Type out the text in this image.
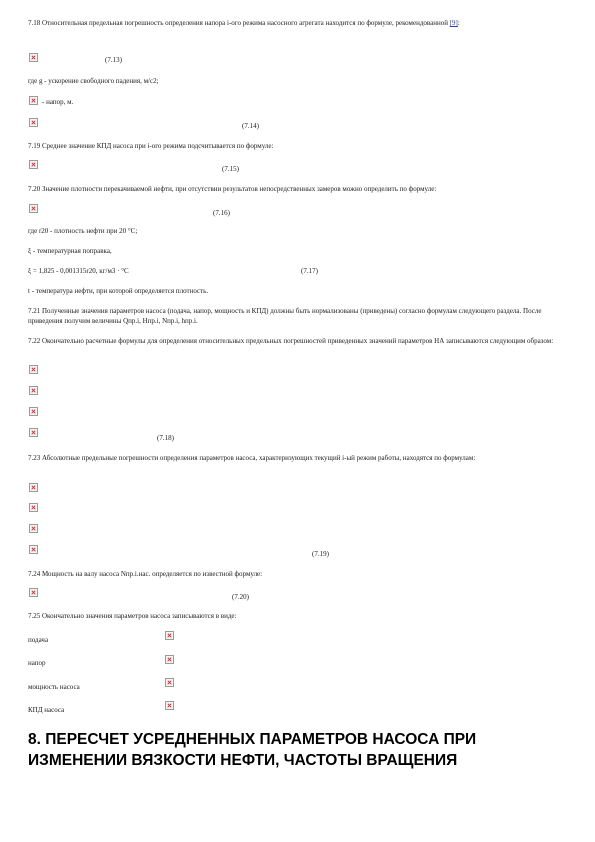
7.18 Относительная предельная погрешность определения напора i-ого режима насосного агрегата находится по формуле, рекомендованной [9]:
(7.13)
где g - ускорение свободного падения, м/с2;
- напор, м.
(7.14)
7.19 Среднее значение КПД насоса при i-ого режима подсчитывается по формуле:
(7.15)
7.20 Значение плотности перекачиваемой нефти, при отсутствии результатов непосредственных замеров можно определить по формуле:
(7.16)
где r20 - плотность нефти при 20 °С;
ξ - температурная поправка,
ξ = 1,825 - 0,001315r20, кг/м3 · °С	(7.17)
t - температура нефти, при которой определяется плотность.
7.21 Полученные значения параметров насоса (подача, напор, мощность и КПД) должны быть нормализованы (приведены) согласно формулам следующего раздела. После приведения получим величины Qпр.i, Hпр.i, Nпр.i, hпр.i.
7.22 Окончательно расчетные формулы для определения относительных предельных погрешностей приведенных значений параметров НА записываются следующим образом:
(7.18)
7.23 Абсолютные предельные погрешности определения параметров насоса, характеризующих текущий i-ый режим работы, находятся по формулам:
(7.19)
7.24 Мощность на валу насоса Nпр.i.нас. определяется по известной формуле:
(7.20)
7.25 Окончательно значения параметров насоса записываются в виде:
подача
напор
мощность насоса
КПД насоса
8. ПЕРЕСЧЕТ УСРЕДНЕННЫХ ПАРАМЕТРОВ НАСОСА ПРИ ИЗМЕНЕНИИ ВЯЗКОСТИ НЕФТИ, ЧАСТОТЫ ВРАЩЕНИЯ
